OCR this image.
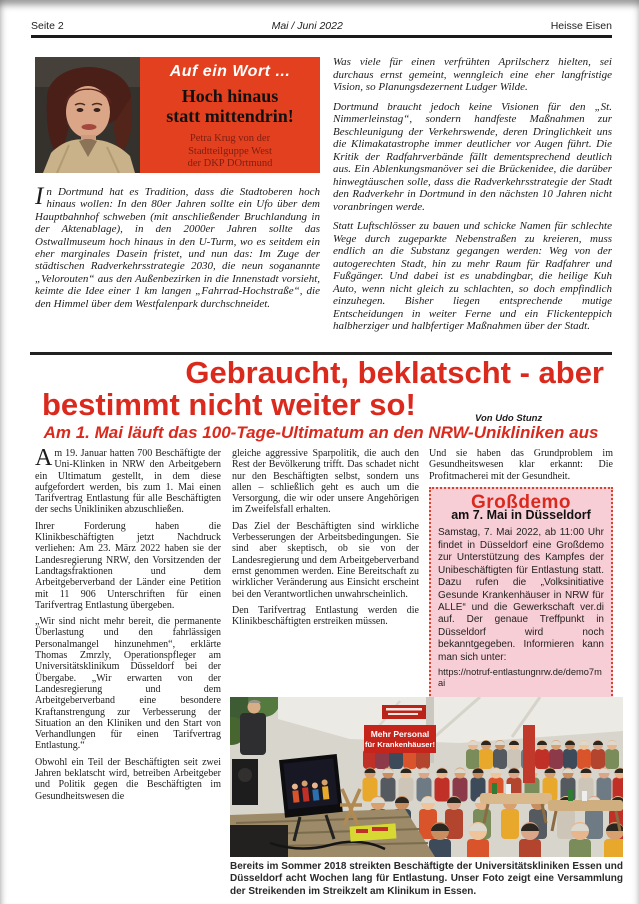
Seite 2	Mai / Juni 2022	Heisse Eisen
Auf ein Wort ...
Hoch hinaus
statt mittendrin!
Petra Krug von der
Stadtteilguppe West
der DKP DOrtmund
In Dortmund hat es Tradition, dass die Stadtoberen hoch hinaus wollen: In den 80er Jahren sollte ein Ufo über dem Hauptbahnhof schweben (mit anschließender Bruchlandung in der Aktenablage), in den 2000er Jahren sollte das Ostwallmuseum hoch hinaus in den U-Turm, wo es seitdem ein eher marginales Dasein fristet, und nun das: Im Zuge der städtischen Radverkehrsstrategie 2030, die neun soganannte „Velorouten“ aus den Außenbezirken in die Innenstadt vorsieht, keimte die Idee einer 1 km langen „Fahrrad-Hochstraße“, die den Himmel über dem Westfalenpark durchschneidet.

Was viele für einen verfrühten Aprilscherz hielten, sei durchaus ernst gemeint, wenngleich eine eher langfristige Vision, so Planungsdezernent Ludger Wilde.

Dortmund braucht jedoch keine Visionen für den „St. Nimmerleinstag“, sondern handfeste Maßnahmen zur Beschleunigung der Verkehrswende, deren Dringlichkeit uns die Klimakatastrophe immer deutlicher vor Augen führt. Die Kritik der Radfahrverbände fällt dementsprechend deutlich aus. Ein Ablenkungsmanöver sei die Brückenidee, die darüber hinwegtäuschen solle, dass die Radverkehrsstrategie der Stadt den Radverkehr in Dortmund in den nächsten 10 Jahren nicht voranbringen werde.

Statt Luftschlösser zu bauen und schicke Namen für schlechte Wege durch zugeparkte Nebenstraßen zu kreieren, muss endlich an die Substanz gegangen werden: Weg von der autogerechten Stadt, hin zu mehr Raum für Radfahrer und Fußgänger. Und dabei ist es unabdingbar, die heilige Kuh Auto, wenn nicht gleich zu schlachten, so doch empfindlich einzuhegen. Bisher liegen entsprechende mutige Entscheidungen in weiter Ferne und ein Flickenteppich halbherziger und halbfertiger Maßnahmen über der Stadt.

Gebraucht, beklatscht - aber
bestimmt nicht weiter so!	Von Udo Stunz
Am 1. Mai läuft das 100-Tage-Ultimatum an den NRW-Unikliniken aus

Am 19. Januar hatten 700 Beschäftigte der Uni-Klinken in NRW den Arbeitgebern ein Ultimatum gestellt, in dem diese aufgefordert werden, bis zum 1. Mai einen Tarifvertrag Entlastung für alle Beschäftigten der sechs Unikliniken abzuschließen.

Ihrer Forderung haben die Klinikbeschäftigten jetzt Nachdruck verliehen: Am 23. März 2022 haben sie der Landesregierung NRW, den Vorsitzenden der Landtagsfraktionen und dem Arbeitgeberverband der Länder eine Petition mit 11 906 Unterschriften für einen Tarifvertrag Entlastung übergeben.

„Wir sind nicht mehr bereit, die permanente Überlastung und den fahrlässigen Personalmangel hinzunehmen“, erklärte Thomas Zmrzly, Operationspfleger am Universitätsklinikum Düsseldorf bei der Übergabe. „Wir erwarten von der Landesregierung und dem Arbeitgeberverband eine besondere Kraftanstrengung zur Verbesserung der Situation an den Kliniken und den Start von Verhandlungen für einen Tarifvertrag Entlastung.“

Obwohl ein Teil der Beschäftigten seit zwei Jahren beklatscht wird, betreiben Arbeitgeber und Politik gegen die Beschäftigten im Gesundheitswesen die

gleiche aggressive Sparpolitik, die auch den Rest der Bevölkerung trifft. Das schadet nicht nur den Beschäftigten selbst, sondern uns allen – schließlich geht es auch um die Versorgung, die wir oder unsere Angehörigen im Zweifelsfall erhalten.

Das Ziel der Beschäftigten sind wirkliche Verbesserungen der Arbeitsbedingungen. Sie sind aber skeptisch, ob sie von der Landesregierung und dem Arbeitgeberverband ernst genommen werden. Eine Bereitschaft zu wirklicher Veränderung aus Einsicht erscheint bei den Verantwortlichen unwahrscheinlich.

Den Tarifvertrag Entlastung werden die Klinikbeschäftigten erstreiken müssen.

Und sie haben das Grundproblem im Gesundheitswesen klar erkannt: Die Profitmacherei mit der Gesundheit.

Großdemo
am 7. Mai in Düsseldorf
Samstag, 7. Mai 2022, ab 11:00 Uhr findet in Düsseldorf eine Großdemo zur Unterstützung des Kampfes der Unibeschäftigten für Entlastung statt. Dazu rufen die „Volksinitiative Gesunde Krankenhäuser in NRW für ALLE“ und die Gewerkschaft ver.di auf. Der genaue Treffpunkt in Düsseldorf wird noch bekanntgegeben. Informieren kann man sich unter:
https://notruf-entlastungnrw.de/demo7mai
Mehr Personal
für Krankenhäuser!
Bereits im Sommer 2018 streikten Beschäftigte der Universitätskliniken Essen und Düsseldorf acht Wochen lang für Entlastung. Unser Foto zeigt eine Versammlung der Streikenden im Streikzelt am Klinikum in Essen.
